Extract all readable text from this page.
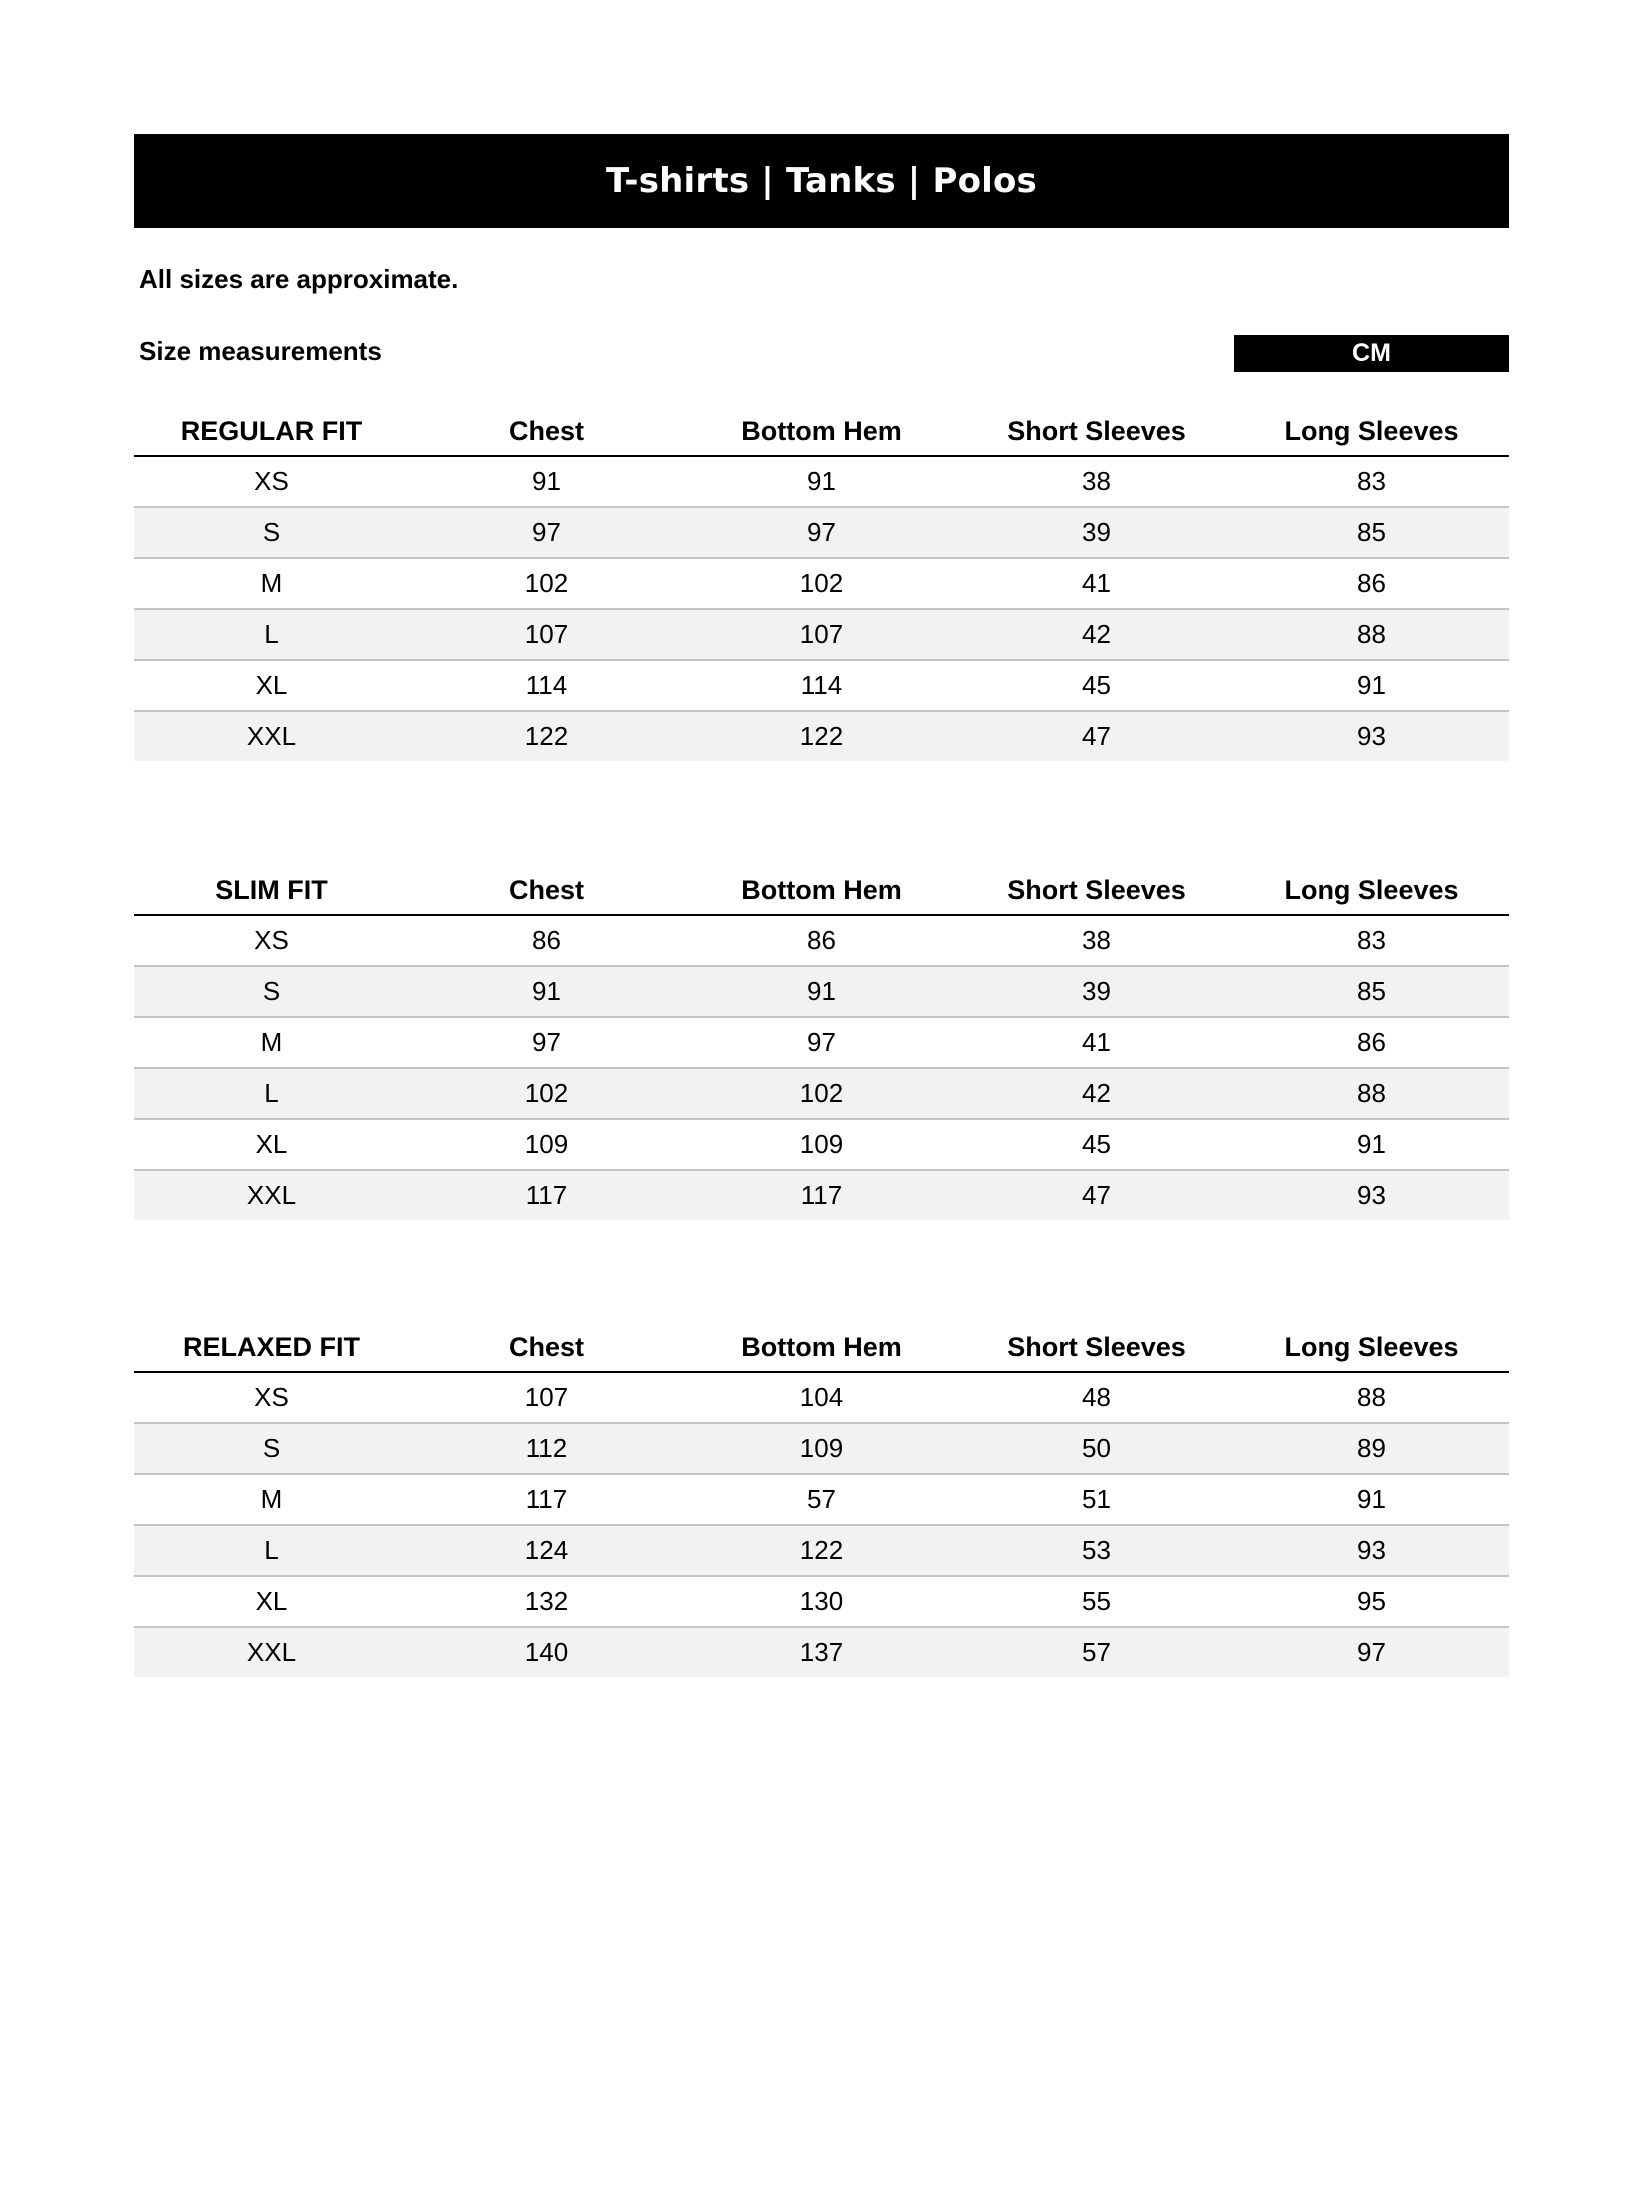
T-shirts | Tanks | Polos
All sizes are approximate.
Size measurements	CM
REGULAR FIT	Chest	Bottom Hem	Short Sleeves	Long Sleeves
XS	91	91	38	83
S	97	97	39	85
M	102	102	41	86
L	107	107	42	88
XL	114	114	45	91
XXL	122	122	47	93
SLIM FIT	Chest	Bottom Hem	Short Sleeves	Long Sleeves
XS	86	86	38	83
S	91	91	39	85
M	97	97	41	86
L	102	102	42	88
XL	109	109	45	91
XXL	117	117	47	93
RELAXED FIT	Chest	Bottom Hem	Short Sleeves	Long Sleeves
XS	107	104	48	88
S	112	109	50	89
M	117	57	51	91
L	124	122	53	93
XL	132	130	55	95
XXL	140	137	57	97
